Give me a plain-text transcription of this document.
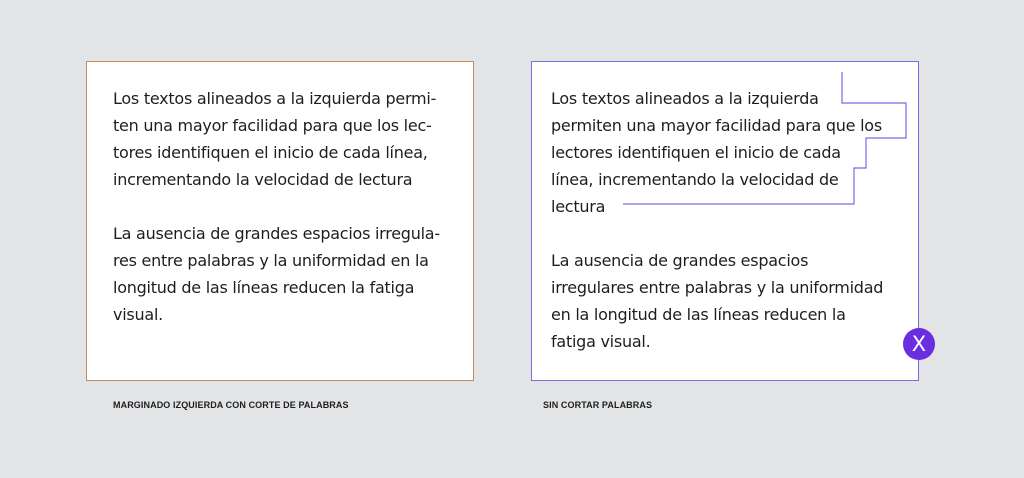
Los textos alineados a la izquierda permi-
ten una mayor facilidad para que los lec-
tores identifiquen el inicio de cada línea,
incrementando la velocidad de lectura
La ausencia de grandes espacios irregula-
res entre palabras y la uniformidad en la
longitud de las líneas reducen la fatiga
visual.
MARGINADO IZQUIERDA CON CORTE DE PALABRAS
Los textos alineados a la izquierda
permiten una mayor facilidad para que los
lectores identifiquen el inicio de cada
línea, incrementando la velocidad de
lectura
La ausencia de grandes espacios
irregulares entre palabras y la uniformidad
en la longitud de las líneas reducen la
fatiga visual.
SIN CORTAR PALABRAS
X
